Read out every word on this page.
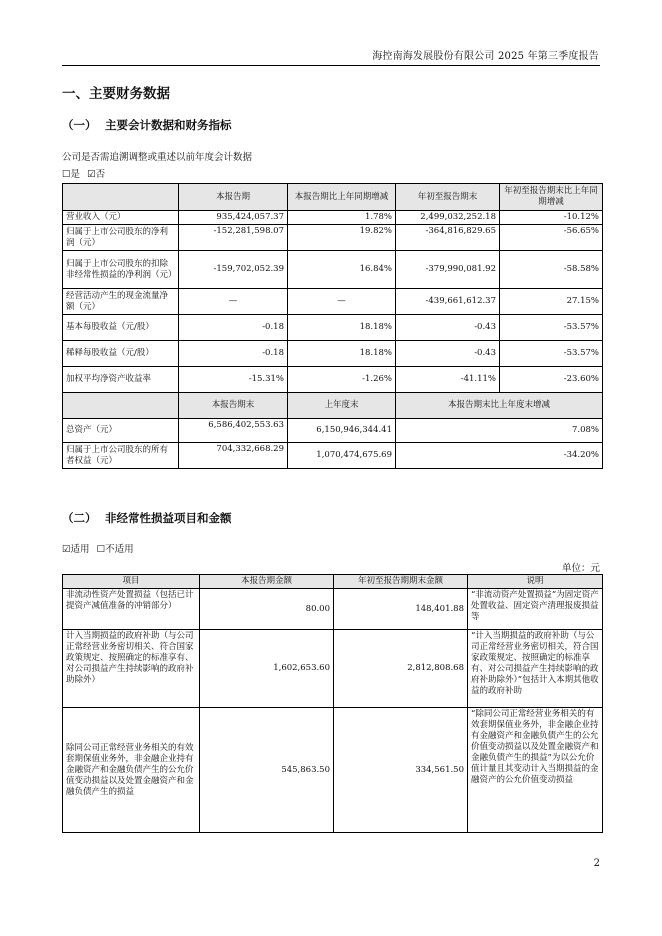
海控南海发展股份有限公司 2025 年第三季度报告
一、主要财务数据
（一） 主要会计数据和财务指标
公司是否需追溯调整或重述以前年度会计数据
☐是 ☑否
	本报告期	本报告期比上年同期增减	年初至报告期末	年初至报告期末比上年同期增减
营业收入（元）	935,424,057.37	1.78%	2,499,032,252.18	-10.12%
归属于上市公司股东的净利润（元）	-152,281,598.07	19.82%	-364,816,829.65	-56.65%
归属于上市公司股东的扣除非经常性损益的净利润（元）	-159,702,052.39	16.84%	-379,990,081.92	-58.58%
经营活动产生的现金流量净额（元）	—	—	-439,661,612.37	27.15%
基本每股收益（元/股）	-0.18	18.18%	-0.43	-53.57%
稀释每股收益（元/股）	-0.18	18.18%	-0.43	-53.57%
加权平均净资产收益率	-15.31%	-1.26%	-41.11%	-23.60%
	本报告期末	上年度末	本报告期末比上年度末增减	
总资产（元）	6,586,402,553.63	6,150,946,344.41	7.08%	
归属于上市公司股东的所有者权益（元）	704,332,668.29	1,070,474,675.69	-34.20%	
（二） 非经常性损益项目和金额
☑适用 ☐不适用
单位：元
项目	本报告期金额	年初至报告期期末金额	说明
非流动性资产处置损益（包括已计提资产减值准备的冲销部分）	80.00	148,401.88	“非流动资产处置损益”为固定资产处置收益、固定资产清理报废损益等
计入当期损益的政府补助（与公司正常经营业务密切相关、符合国家政策规定、按照确定的标准享有、对公司损益产生持续影响的政府补助除外）	1,602,653.60	2,812,808.68	“计入当期损益的政府补助（与公司正常经营业务密切相关，符合国家政策规定、按照确定的标准享有、对公司损益产生持续影响的政府补助除外）”包括计入本期其他收益的政府补助
除同公司正常经营业务相关的有效套期保值业务外，非金融企业持有金融资产和金融负债产生的公允价值变动损益以及处置金融资产和金融负债产生的损益	545,863.50	334,561.50	“除同公司正常经营业务相关的有效套期保值业务外，非金融企业持有金融资产和金融负债产生的公允价值变动损益以及处置金融资产和金融负债产生的损益”为以公允价值计量且其变动计入当期损益的金融资产的公允价值变动损益
2
